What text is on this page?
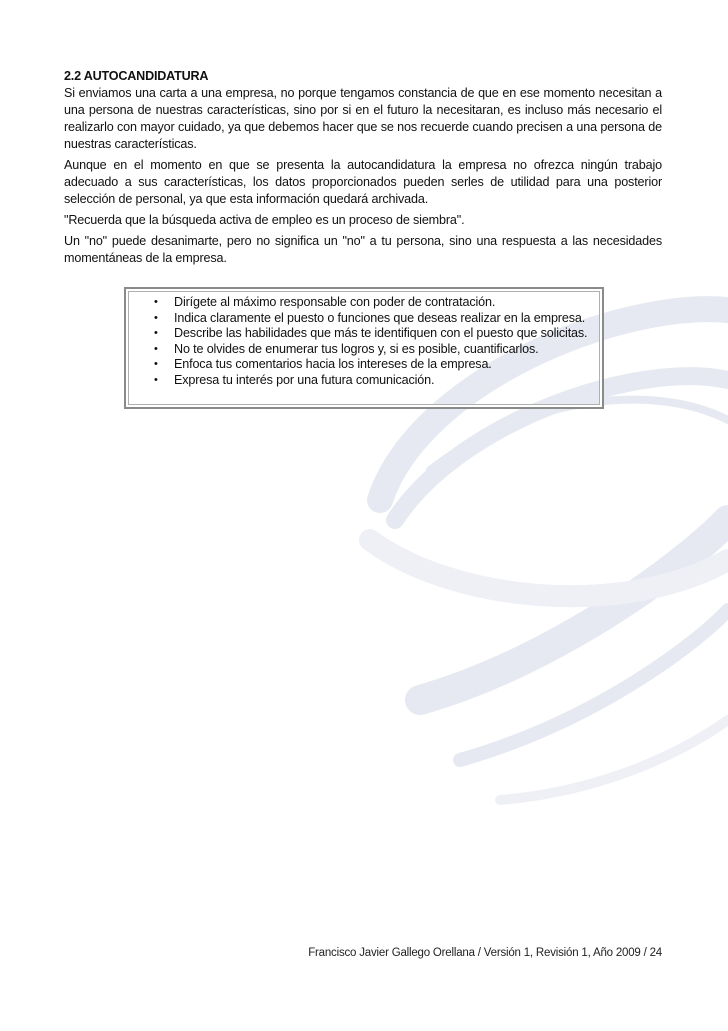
2.2 AUTOCANDIDATURA

Si enviamos una carta a una empresa, no porque tengamos constancia de que en ese momento necesitan a una persona de nuestras características, sino por si en el futuro la necesitaran, es incluso más necesario el realizarlo con mayor cuidado, ya que debemos hacer que se nos recuerde cuando precisen a una persona de nuestras características.

Aunque en el momento en que se presenta la autocandidatura la empresa no ofrezca ningún trabajo adecuado a sus características, los datos proporcionados pueden serles de utilidad para una posterior selección de personal, ya que esta información quedará archivada.

"Recuerda que la búsqueda activa de empleo es un proceso de siembra".

Un "no" puede desanimarte, pero no significa un "no" a tu persona, sino una respuesta a las necesidades momentáneas de la empresa.

• Dirígete al máximo responsable con poder de contratación.
• Indica claramente el puesto o funciones que deseas realizar en la empresa.
• Describe las habilidades que más te identifiquen con el puesto que solicitas.
• No te olvides de enumerar tus logros y, si es posible, cuantificarlos.
• Enfoca tus comentarios hacia los intereses de la empresa.
• Expresa tu interés por una futura comunicación.
Francisco Javier Gallego Orellana / Versión 1, Revisión 1, Año 2009 / 24
